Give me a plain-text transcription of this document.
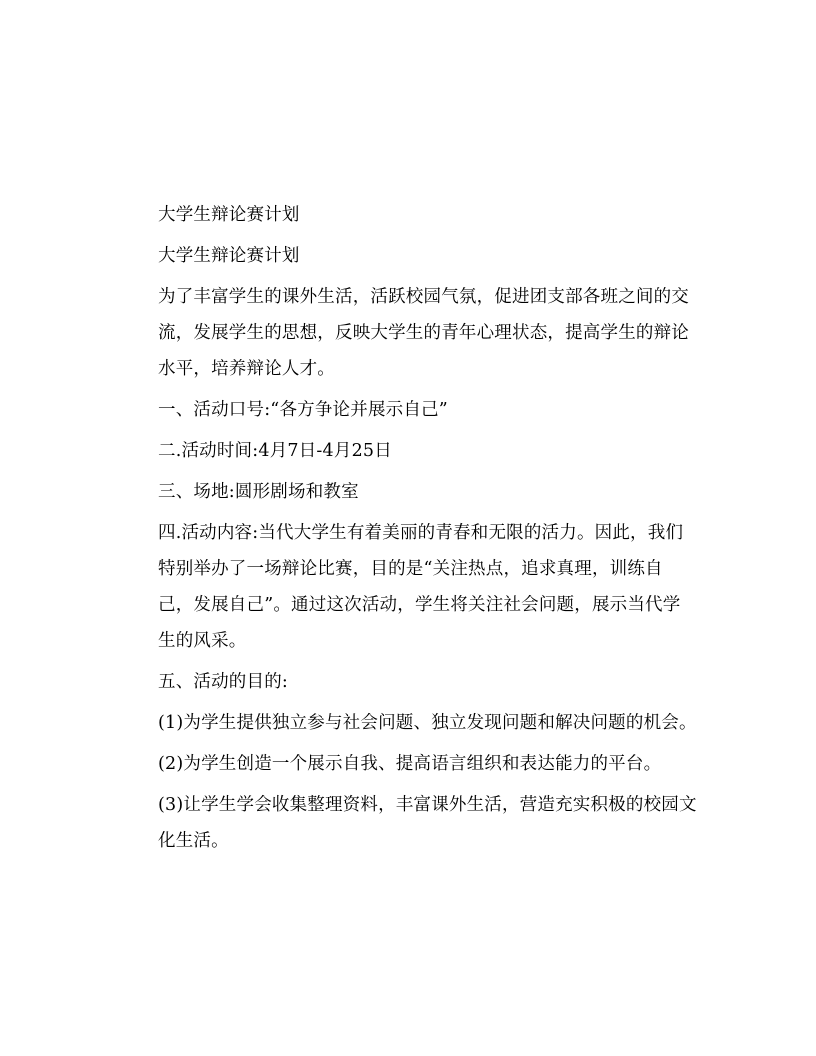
大学生辩论赛计划

大学生辩论赛计划

为了丰富学生的课外生活，活跃校园气氛，促进团支部各班之间的交流，发展学生的思想，反映大学生的青年心理状态，提高学生的辩论水平，培养辩论人才。

一、活动口号:“各方争论并展示自己”

二.活动时间:4月7日-4月25日

三、场地:圆形剧场和教室

四.活动内容:当代大学生有着美丽的青春和无限的活力。因此，我们特别举办了一场辩论比赛，目的是“关注热点，追求真理，训练自己，发展自己”。通过这次活动，学生将关注社会问题，展示当代学生的风采。

五、活动的目的:

(1)为学生提供独立参与社会问题、独立发现问题和解决问题的机会。

(2)为学生创造一个展示自我、提高语言组织和表达能力的平台。

(3)让学生学会收集整理资料，丰富课外生活，营造充实积极的校园文化生活。
